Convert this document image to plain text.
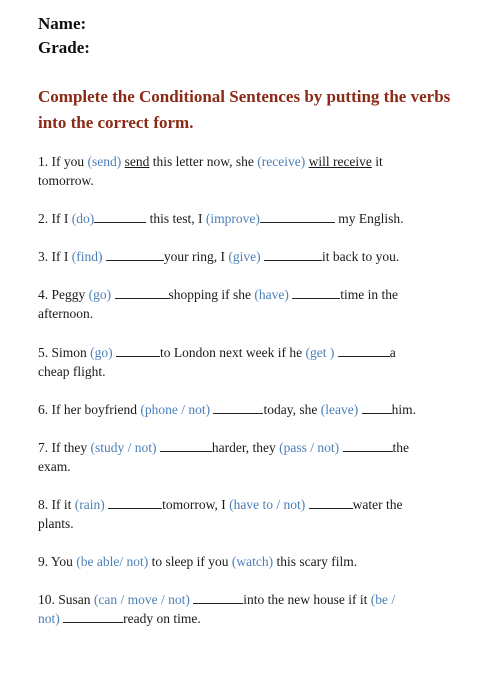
Name:
Grade:
Complete the Conditional Sentences by putting the verbs into the correct form.
1. If you (send) send this letter now, she (receive) will receive it
tomorrow.
2. If I (do)	this test, I (improve)	my English.
3. If I (find)	your ring, I (give)	it back to you.
4. Peggy (go)	shopping if she (have)	time in the
afternoon.
5. Simon (go)	to London next week if he (get )	a
cheap flight.
6. If her boyfriend (phone / not)	today, she (leave) him.
7. If they (study / not)	harder, they (pass / not)	the
exam.
8. If it (rain)	tomorrow, I (have to / not)	water the
plants.
9. You (be able/ not) to sleep if you (watch) this scary film.
10. Susan (can / move / not)	into the new house if it (be /
not)	ready on time.
